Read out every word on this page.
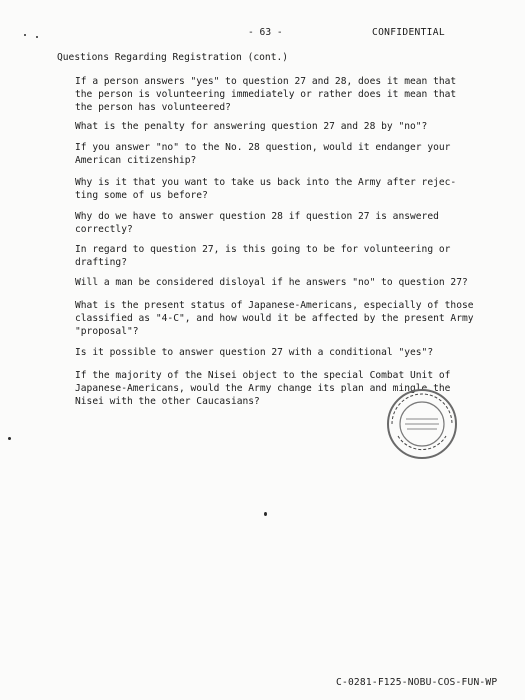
- 63 -	CONFIDENTIAL
Questions Regarding Registration (cont.)
If a person answers "yes" to question 27 and 28, does it mean that
the person is volunteering immediately or rather does it mean that
the person has volunteered?
What is the penalty for answering question 27 and 28 by "no"?
If you answer "no" to the No. 28 question, would it endanger your
American citizenship?
Why is it that you want to take us back into the Army after rejec-
ting some of us before?
Why do we have to answer question 28 if question 27 is answered
correctly?
In regard to question 27, is this going to be for volunteering or
drafting?
Will a man be considered disloyal if he answers "no" to question 27?
What is the present status of Japanese-Americans, especially of those
classified as "4-C", and how would it be affected by the present Army
"proposal"?
Is it possible to answer question 27 with a conditional "yes"?
If the majority of the Nisei object to the special Combat Unit of
Japanese-Americans, would the Army change its plan and mingle the
Nisei with the other Caucasians?
C-0281-F125-NOBU-COS-FUN-WP
